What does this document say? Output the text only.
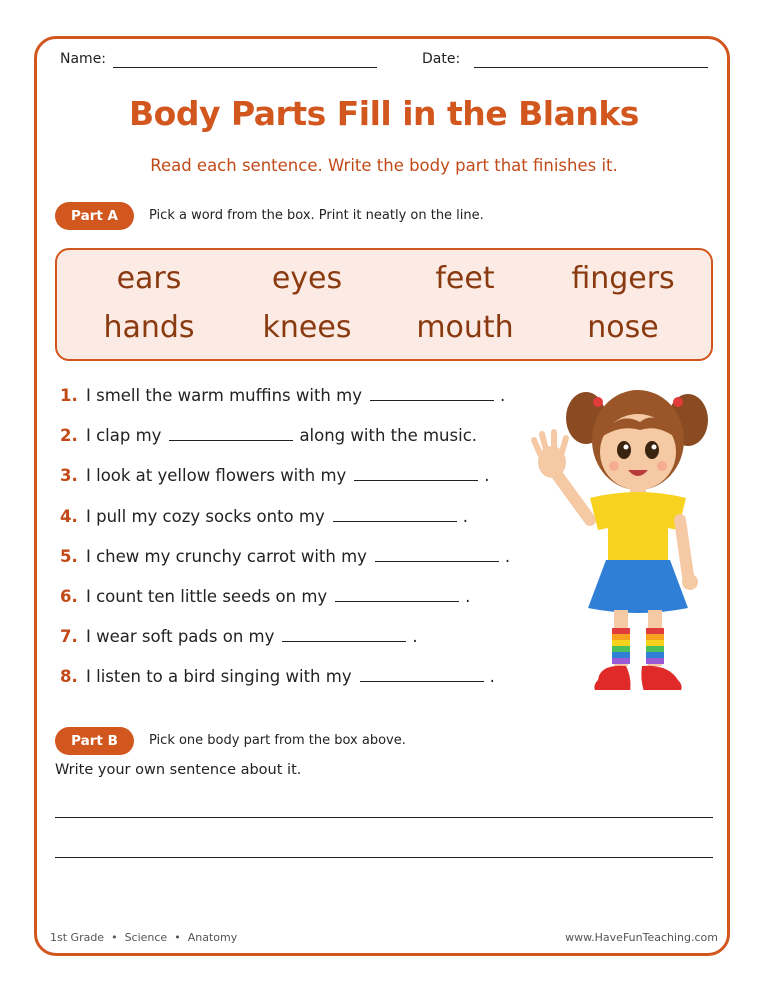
Name:	Date:
Body Parts Fill in the Blanks
Read each sentence. Write the body part that finishes it.
Part A	Pick a word from the box. Print it neatly on the line.
ears	eyes	feet	fingers
hands	knees	mouth	nose
1. I smell the warm muffins with my	.
2. I clap my	along with the music.
3. I look at yellow flowers with my	.
4. I pull my cozy socks onto my	.
5. I chew my crunchy carrot with my	.
6. I count ten little seeds on my	.
7. I wear soft pads on my	.
8. I listen to a bird singing with my	.
Part B	Pick one body part from the box above.
Write your own sentence about it.
1st Grade  •  Science  •  Anatomy	www.HaveFunTeaching.com
